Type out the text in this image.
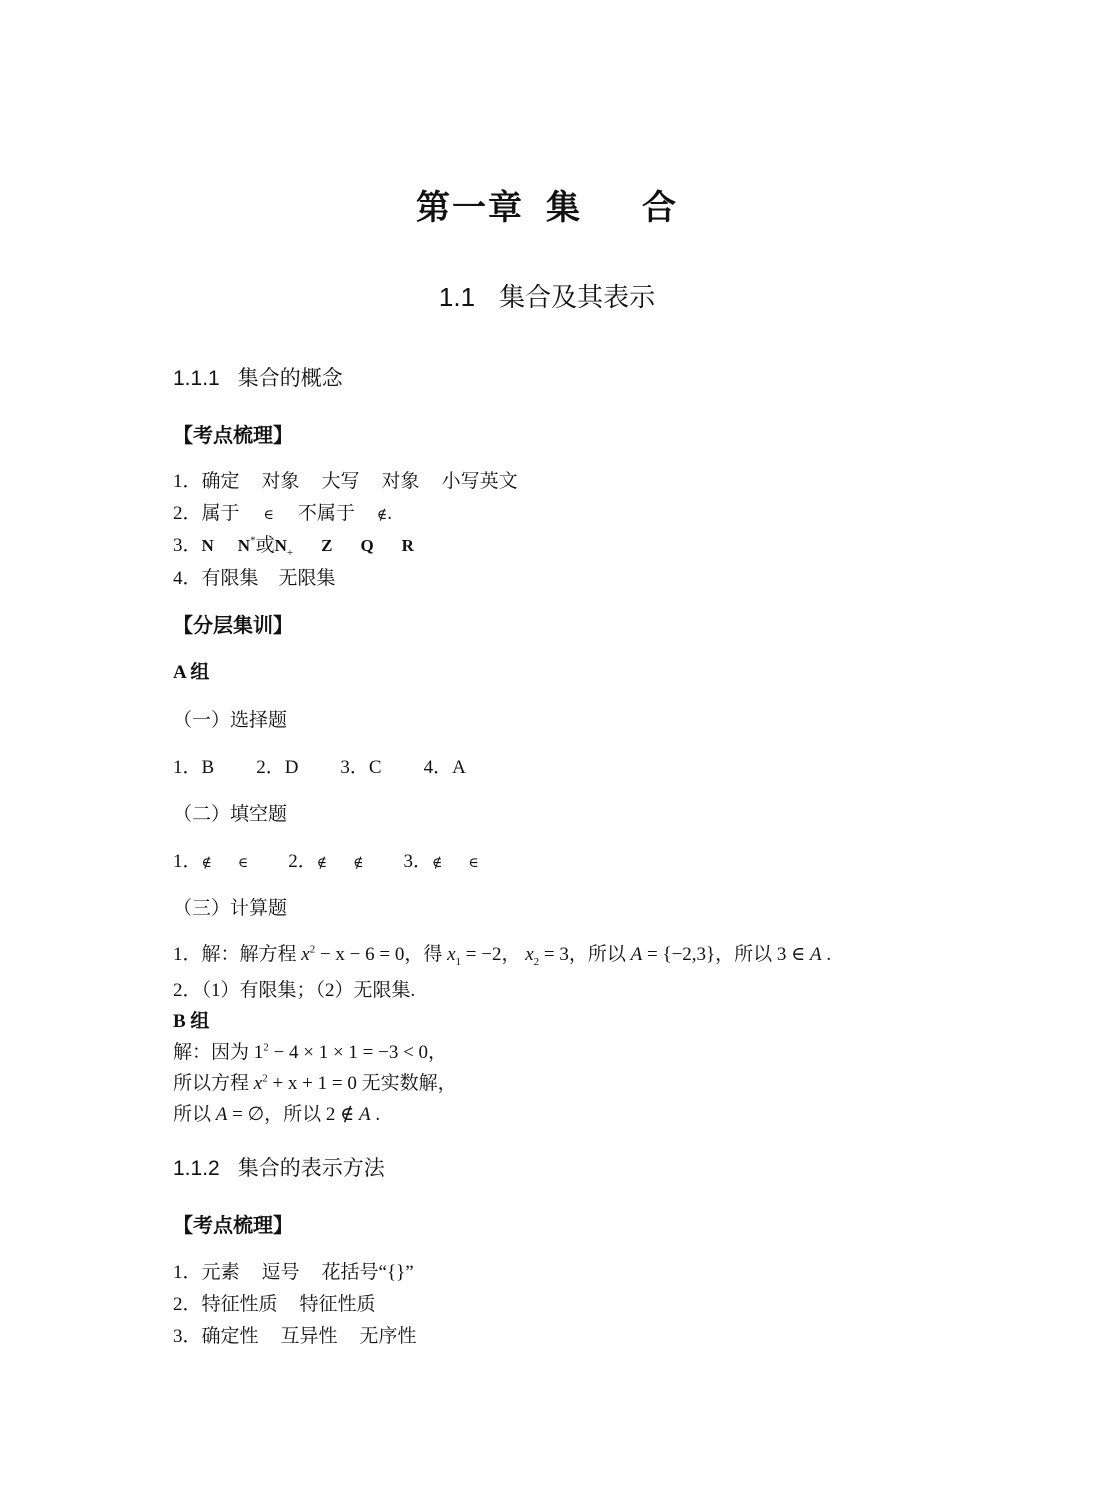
第一章 集 合
1.1 集合及其表示
1.1.1 集合的概念
【考点梳理】
1．确定 对象 大写 对象 小写英文
2．属于 ∈ 不属于 ∉.
3．N N*或$N_+$ Z Q R
4．有限集 无限集
【分层集训】
A 组
（一）选择题
1．B 2．D 3．C 4．A
（二）填空题
1．∉ ∈ 2．∉ ∉ 3．∉ ∈
（三）计算题
1．解：解方程 $x^2 - x - 6 = 0$，得 $x_1 = -2$， $x_2 = 3$，所以 A = {−2,3}，所以 3 ∈ A .
2．（1）有限集；（2）无限集.
B 组
解：因为 $1^2 - 4 \times 1 \times 1 = -3 < 0$，
所以方程 $x^2 + x + 1 = 0$ 无实数解，
所以 A = ∅，所以 2 ∉ A .
1.1.2 集合的表示方法
【考点梳理】
1．元素 逗号 花括号“{}”
2．特征性质 特征性质
3．确定性 互异性 无序性
